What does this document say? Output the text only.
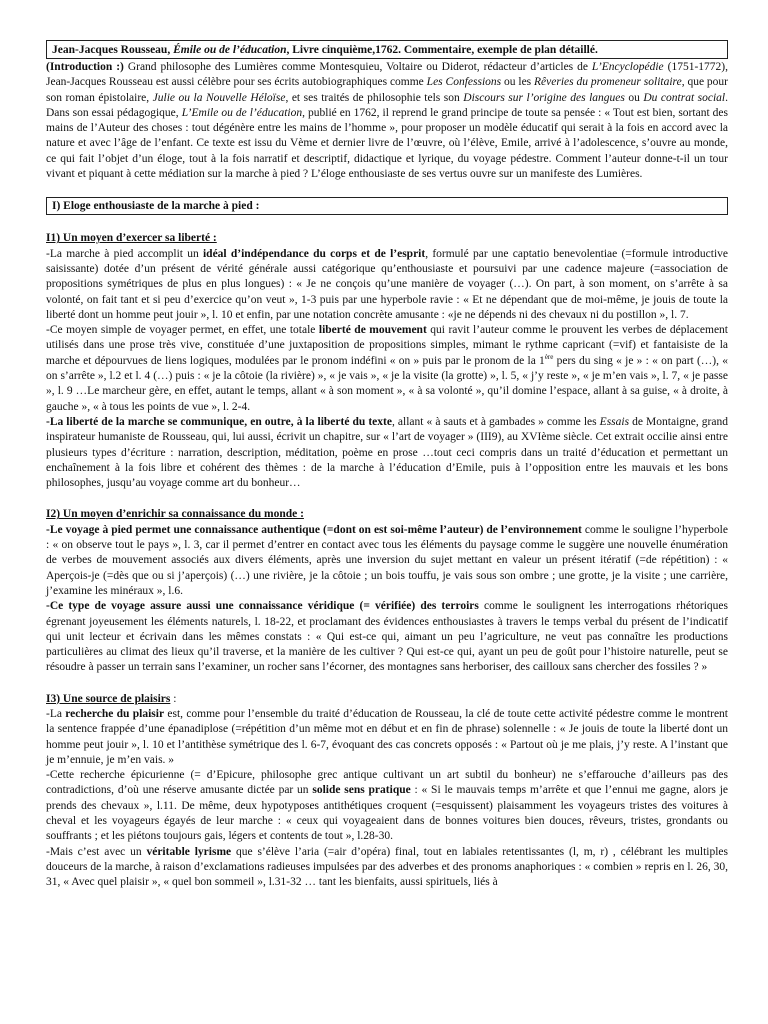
Jean-Jacques Rousseau, Émile ou de l’éducation, Livre cinquième,1762. Commentaire, exemple de plan détaillé.

(Introduction :) Grand philosophe des Lumières comme Montesquieu, Voltaire ou Diderot, rédacteur d’articles de L’Encyclopédie (1751-1772), Jean-Jacques Rousseau est aussi célèbre pour ses écrits autobiographiques comme Les Confessions ou les Rêveries du promeneur solitaire, que pour son roman épistolaire, Julie ou la Nouvelle Héloïse, et ses traités de philosophie tels son Discours sur l’origine des langues ou Du contrat social. Dans son essai pédagogique, L’Emile ou de l’éducation, publié en 1762, il reprend le grand principe de toute sa pensée : « Tout est bien, sortant des mains de l’Auteur des choses : tout dégénère entre les mains de l’homme », pour proposer un modèle éducatif qui serait à la fois en accord avec la nature et avec l’âge de l’enfant. Ce texte est issu du Vème et dernier livre de l’œuvre, où l’élève, Emile, arrivé à l’adolescence, s’ouvre au monde, ce qui fait l’objet d’un éloge, tout à la fois narratif et descriptif, didactique et lyrique, du voyage pédestre. Comment l’auteur donne-t-il un tour vivant et piquant à cette médiation sur la marche à pied ? L’éloge enthousiaste de ses vertus ouvre sur un manifeste des Lumières.

I) Eloge enthousiaste de la marche à pied :
I1) Un moyen d’exercer sa liberté :

-La marche à pied accomplit un idéal d’indépendance du corps et de l’esprit, formulé par une captatio benevolentiae (=formule introductive saisissante) dotée d’un présent de vérité générale aussi catégorique qu’enthousiaste et poursuivi par une cadence majeure (=association de propositions symétriques de plus en plus longues) : « Je ne conçois qu’une manière de voyager (…). On part, à son moment, on s’arrête à sa volonté, on fait tant et si peu d’exercice qu’on veut », 1-3 puis par une hyperbole ravie : « Et ne dépendant que de moi-même, je jouis de toute la liberté dont un homme peut jouir », l. 10 et enfin, par une notation concrète amusante : «je ne dépends ni des chevaux ni du postillon », l. 7.

-Ce moyen simple de voyager permet, en effet, une totale liberté de mouvement qui ravit l’auteur comme le prouvent les verbes de déplacement utilisés dans une prose très vive, constituée d’une juxtaposition de propositions simples, mimant le rythme capricant (=vif) et fantaisiste de la marche et dépourvues de liens logiques, modulées par le pronom indéfini « on » puis par le pronom de la 1ère pers du sing « je » : « on part (…), « on s’arrête », l.2 et l. 4 (…) puis : « je la côtoie (la rivière) », « je vais », « je la visite (la grotte) », l. 5, « j’y reste », « je m’en vais », l. 7, « je passe », l. 9 …Le marcheur gère, en effet, autant le temps, allant « à son moment », « à sa volonté », qu’il domine l’espace, allant à sa guise, « à droite, à gauche », « à tous les points de vue », l. 2-4.

-La liberté de la marche se communique, en outre, à la liberté du texte, allant « à sauts et à gambades » comme les Essais de Montaigne, grand inspirateur humaniste de Rousseau, qui, lui aussi, écrivit un chapitre, sur « l’art de voyager » (III9), au XVIème siècle. Cet extrait occilie ainsi entre plusieurs types d’écriture : narration, description, méditation, poème en prose …tout ceci compris dans un traité d’éducation et permettant un enchaînement à la fois libre et cohérent des thèmes : de la marche à l’éducation d’Emile, puis à l’opposition entre les mauvais et les bons philosophes, jusqu’au voyage comme art du bonheur…

I2) Un moyen d’enrichir sa connaissance du monde :

-Le voyage à pied permet une connaissance authentique (=dont on est soi-même l’auteur) de l’environnement comme le souligne l’hyperbole : « on observe tout le pays », l. 3, car il permet d’entrer en contact avec tous les éléments du paysage comme le suggère une nouvelle énumération de verbes de mouvement associés aux divers éléments, après une inversion du sujet mettant en valeur un présent itératif (=de répétition) : « Aperçois-je (=dès que ou si j’aperçois) (…) une rivière, je la côtoie ; un bois touffu, je vais sous son ombre ; une grotte, je la visite ; une carrière, j’examine les minéraux », l.6.

-Ce type de voyage assure aussi une connaissance véridique (= vérifiée) des terroirs comme le soulignent les interrogations rhétoriques égrenant joyeusement les éléments naturels, l. 18-22, et proclamant des évidences enthousiastes à travers le temps verbal du présent de l’indicatif qui unit lecteur et écrivain dans les mêmes constats : « Qui est-ce qui, aimant un peu l’agriculture, ne veut pas connaître les productions particulières au climat des lieux qu’il traverse, et la manière de les cultiver ? Qui est-ce qui, ayant un peu de goût pour l’histoire naturelle, peut se résoudre à passer un terrain sans l’examiner, un rocher sans l’écorner, des montagnes sans herboriser, des cailloux sans chercher des fossiles ? »

I3) Une source de plaisirs :

-La recherche du plaisir est, comme pour l’ensemble du traité d’éducation de Rousseau, la clé de toute cette activité pédestre comme le montrent la sentence frappée d’une épanadiplose (=répétition d’un même mot en début et en fin de phrase) solennelle : « Je jouis de toute la liberté dont un homme peut jouir », l. 10 et l’antithèse symétrique des l. 6-7, évoquant des cas concrets opposés : « Partout où je me plais, j’y reste. A l’instant que je m’ennuie, je m’en vais. »

-Cette recherche épicurienne (= d’Epicure, philosophe grec antique cultivant un art subtil du bonheur) ne s’effarouche d’ailleurs pas des contradictions, d’où une réserve amusante dictée par un solide sens pratique : « Si le mauvais temps m’arrête et que l’ennui me gagne, alors je prends des chevaux », l.11. De même, deux hypotyposes antithétiques croquent (=esquissent) plaisamment les voyageurs tristes des voitures à cheval et les voyageurs égayés de leur marche : « ceux qui voyageaient dans de bonnes voitures bien douces, rêveurs, tristes, grondants ou souffrants ; et les piétons toujours gais, légers et contents de tout », l.28-30.

-Mais c’est avec un véritable lyrisme que s’élève l’aria (=air d’opéra) final, tout en labiales retentissantes (l, m, r) , célébrant les multiples douceurs de la marche, à raison d’exclamations radieuses impulsées par des adverbes et des pronoms anaphoriques : « combien » repris en l. 26, 30, 31, « Avec quel plaisir », « quel bon sommeil », l.31-32 … tant les bienfaits, aussi spirituels, liés à
